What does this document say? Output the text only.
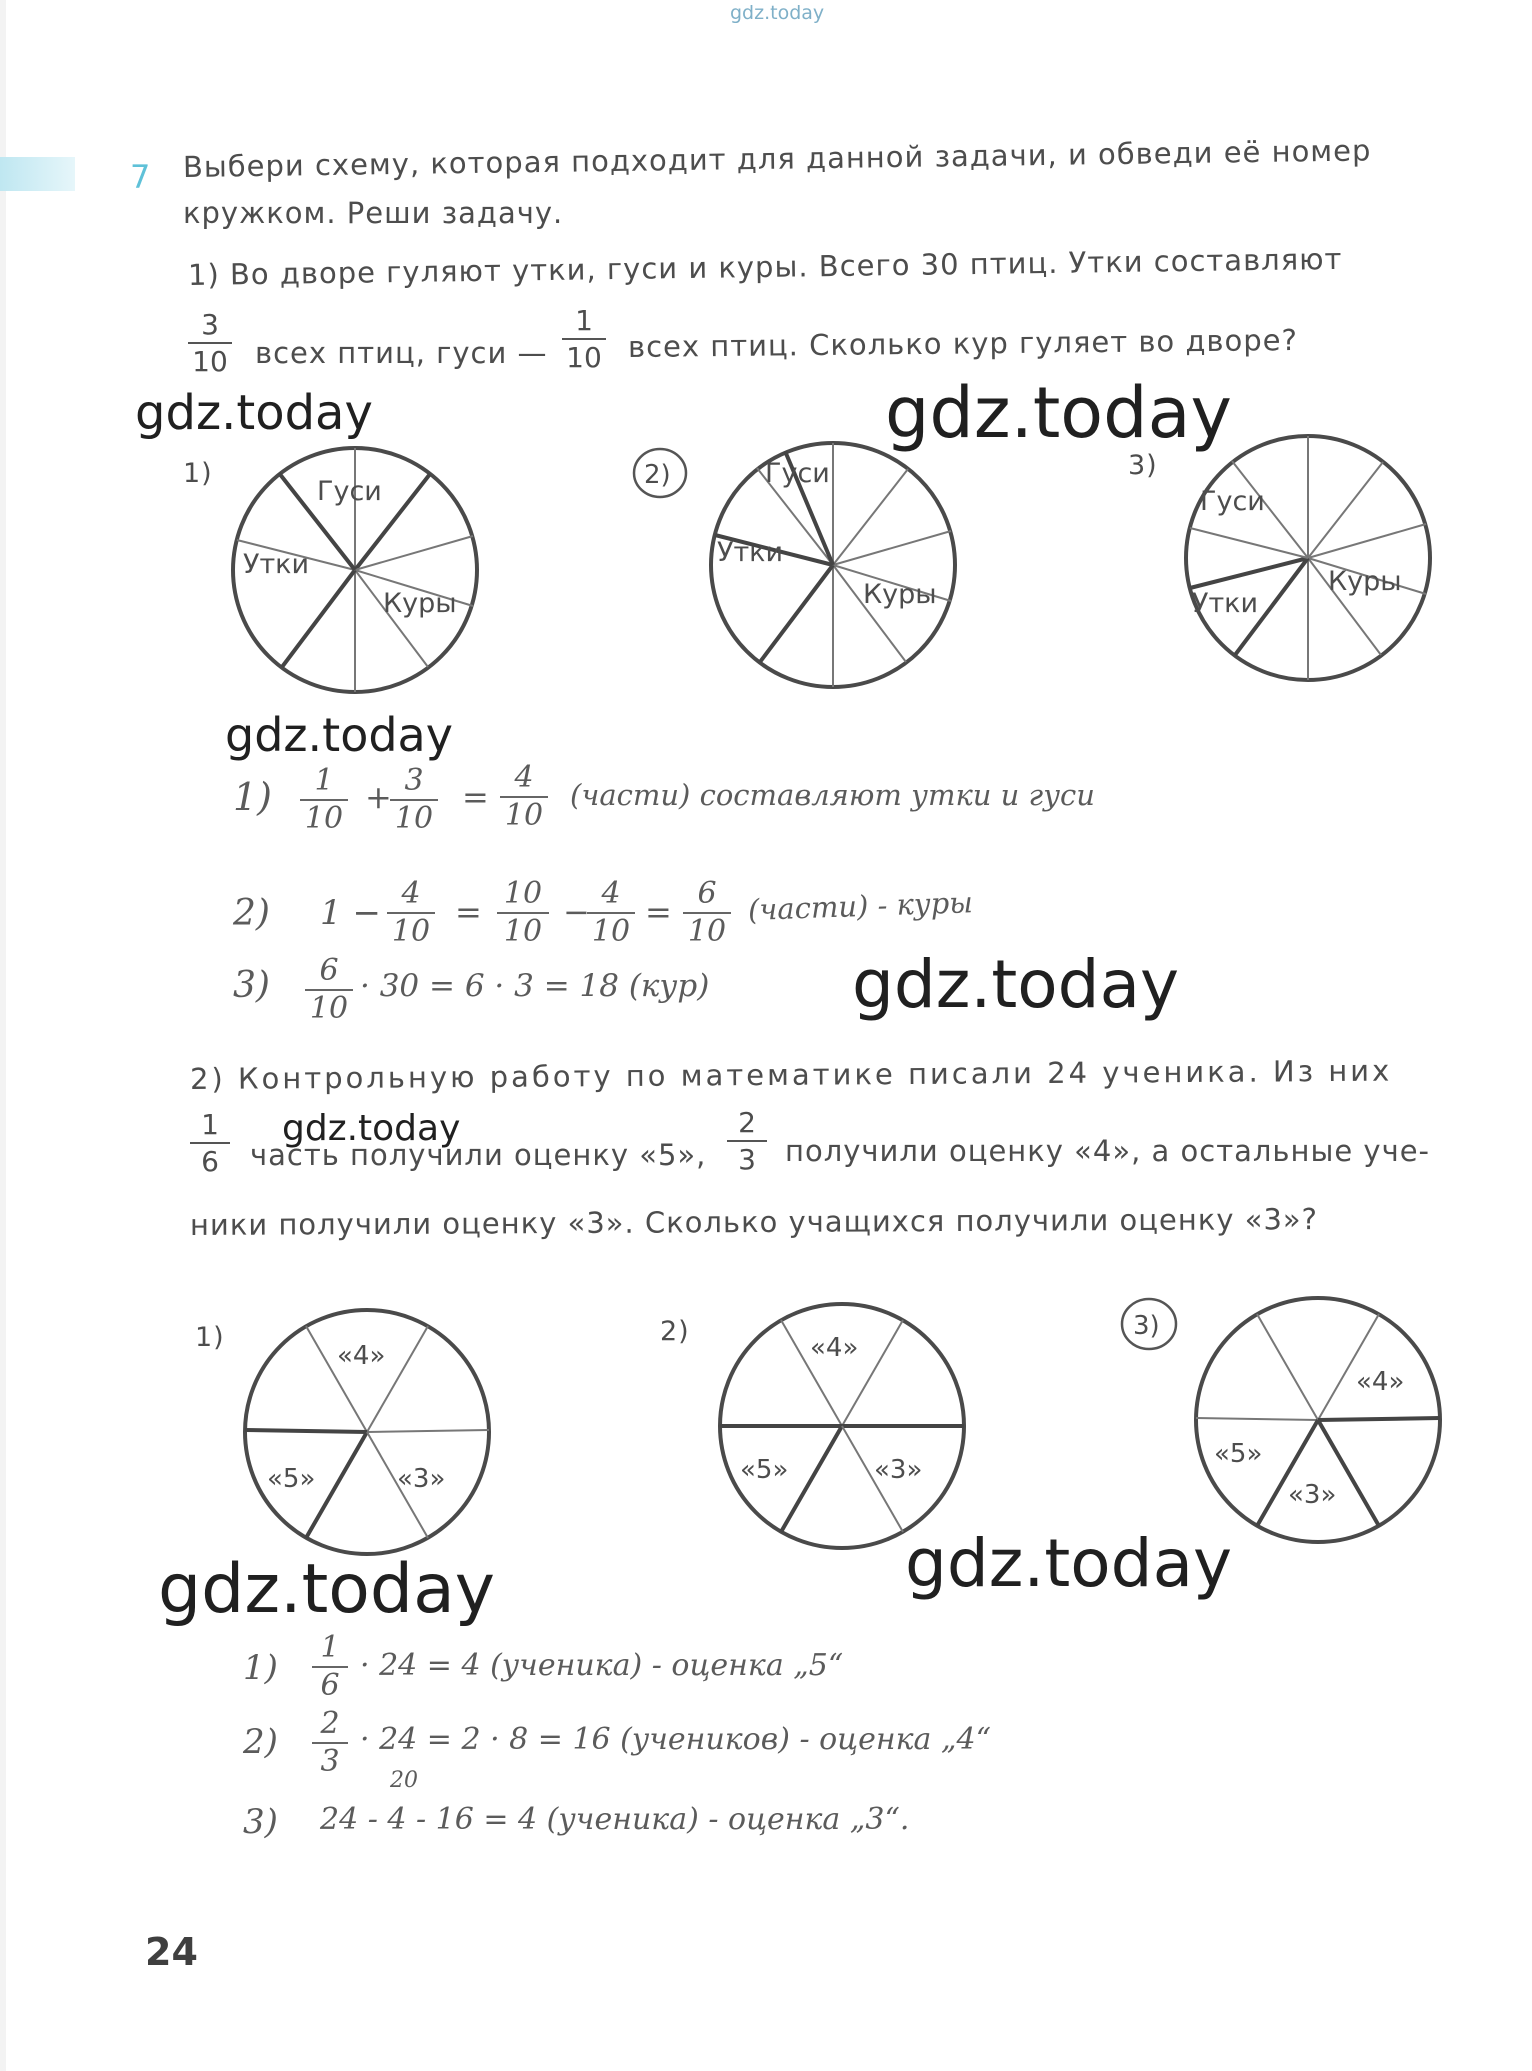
gdz.today
7 Выбери схему, которая подходит для данной задачи, и обведи её номер
кружком. Реши задачу.
1) Во дворе гуляют утки, гуси и куры. Всего 30 птиц. Утки составляют
3
10 всех птиц, гуси —
1
10 всех птиц. Сколько кур гуляет во дворе?
1)
Гуси
Утки
Куры
2)	Гуси
Утки
Куры
3)
Гуси
Утки
Куры
1)	1
10
+ 3
10
=
4
10
(части) составляют утки и гуси
2) 1 − 4
10 = 10
10 − 4
10 = 6
10
(части) - куры
3)	6
10
· 30 = 6 · 3 = 18 (кур)
2) Контрольную работу по математике писали 24 ученика. Из них
1
6	часть получили оценку «5»,
2
3	получили оценку «4», а остальные уче-
ники получили оценку «3». Сколько учащихся получили оценку «3»?
1)
«4»
«5»	«3»
2)
«4»
«5»	«3»
3)
«4»
«5»
«3»
1)
1
6
· 24 = 4 (ученика) - оценка „5“
2) 2
3
· 24 = 2 · 8 = 16 (учеников) - оценка „4“
20
3) 24 - 4 - 16 = 4 (ученика) - оценка „3“.
gdz.today	gdz.today
gdz.today
gdz.today
gdz.today
gdz.today	gdz.today
24
